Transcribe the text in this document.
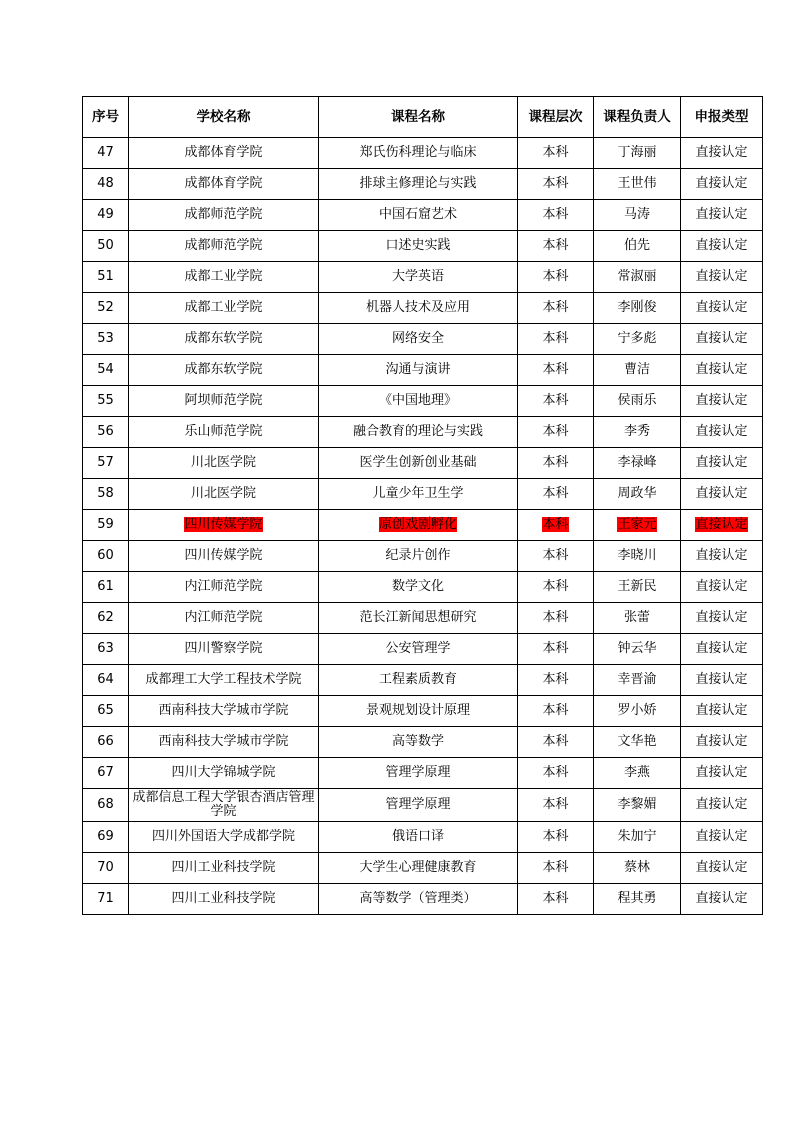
序号	学校名称	课程名称	课程层次	课程负责人	申报类型
47	成都体育学院	郑氏伤科理论与临床	本科	丁海丽	直接认定
48	成都体育学院	排球主修理论与实践	本科	王世伟	直接认定
49	成都师范学院	中国石窟艺术	本科	马涛	直接认定
50	成都师范学院	口述史实践	本科	伯先	直接认定
51	成都工业学院	大学英语	本科	常淑丽	直接认定
52	成都工业学院	机器人技术及应用	本科	李刚俊	直接认定
53	成都东软学院	网络安全	本科	宁多彪	直接认定
54	成都东软学院	沟通与演讲	本科	曹洁	直接认定
55	阿坝师范学院	《中国地理》	本科	侯雨乐	直接认定
56	乐山师范学院	融合教育的理论与实践	本科	李秀	直接认定
57	川北医学院	医学生创新创业基础	本科	李禄峰	直接认定
58	川北医学院	儿童少年卫生学	本科	周政华	直接认定
59	四川传媒学院	原创戏剧孵化	本科	王家元	直接认定
60	四川传媒学院	纪录片创作	本科	李晓川	直接认定
61	内江师范学院	数学文化	本科	王新民	直接认定
62	内江师范学院	范长江新闻思想研究	本科	张蕾	直接认定
63	四川警察学院	公安管理学	本科	钟云华	直接认定
64	成都理工大学工程技术学院	工程素质教育	本科	幸晋渝	直接认定
65	西南科技大学城市学院	景观规划设计原理	本科	罗小娇	直接认定
66	西南科技大学城市学院	高等数学	本科	文华艳	直接认定
67	四川大学锦城学院	管理学原理	本科	李燕	直接认定
68	成都信息工程大学银杏酒店管理学院	管理学原理	本科	李黎媚	直接认定
69	四川外国语大学成都学院	俄语口译	本科	朱加宁	直接认定
70	四川工业科技学院	大学生心理健康教育	本科	蔡林	直接认定
71	四川工业科技学院	高等数学（管理类）	本科	程其勇	直接认定
